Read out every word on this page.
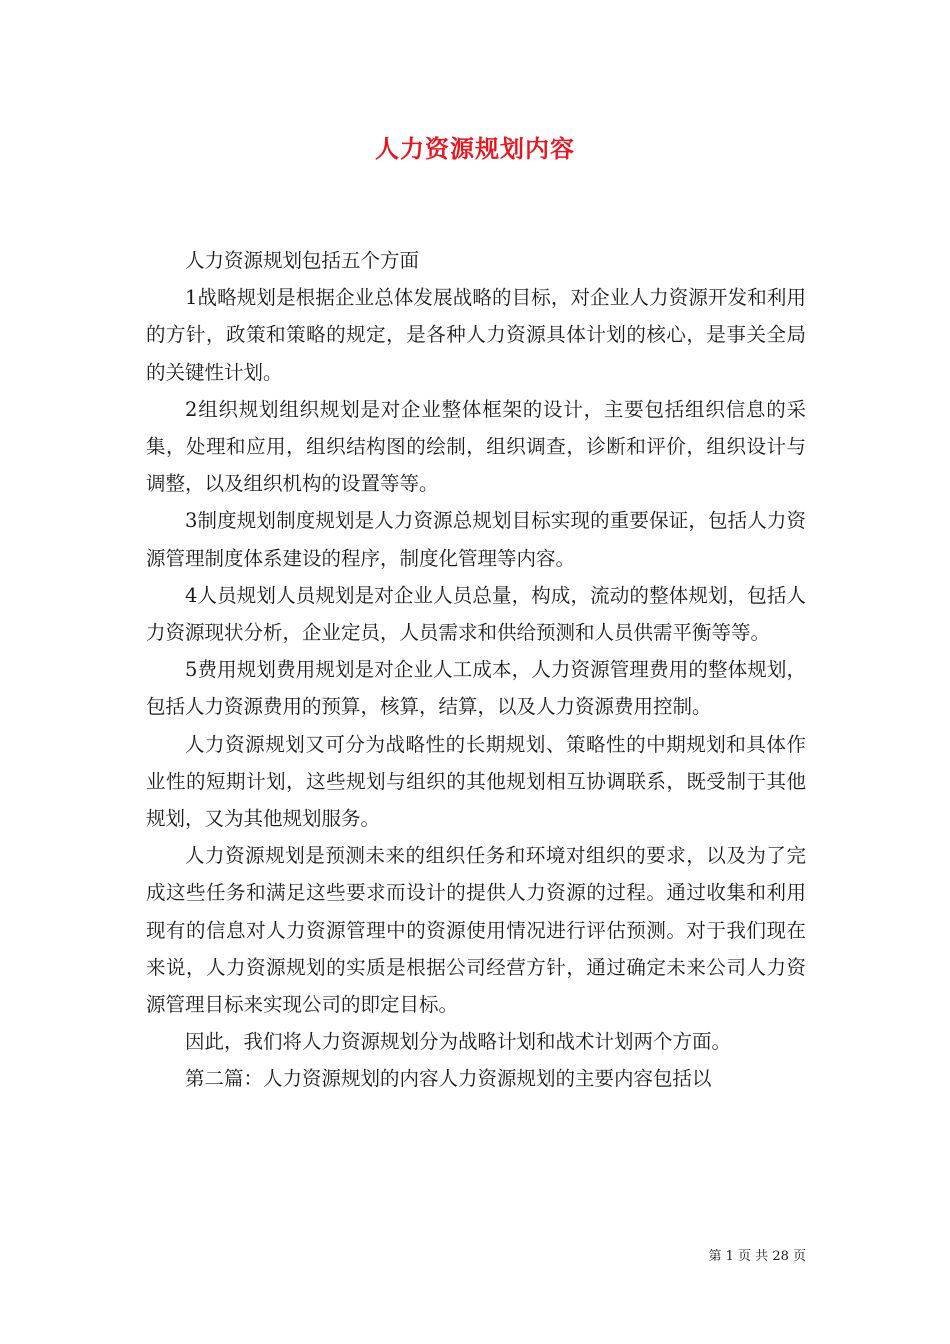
人力资源规划内容

人力资源规划包括五个方面

1战略规划是根据企业总体发展战略的目标，对企业人力资源开发和利用的方针，政策和策略的规定，是各种人力资源具体计划的核心，是事关全局的关键性计划。

2组织规划组织规划是对企业整体框架的设计，主要包括组织信息的采集，处理和应用，组织结构图的绘制，组织调查，诊断和评价，组织设计与调整，以及组织机构的设置等等。

3制度规划制度规划是人力资源总规划目标实现的重要保证，包括人力资源管理制度体系建设的程序，制度化管理等内容。

4人员规划人员规划是对企业人员总量，构成，流动的整体规划，包括人力资源现状分析，企业定员，人员需求和供给预测和人员供需平衡等等。

5费用规划费用规划是对企业人工成本，人力资源管理费用的整体规划，包括人力资源费用的预算，核算，结算，以及人力资源费用控制。

人力资源规划又可分为战略性的长期规划、策略性的中期规划和具体作业性的短期计划，这些规划与组织的其他规划相互协调联系，既受制于其他规划，又为其他规划服务。

人力资源规划是预测未来的组织任务和环境对组织的要求，以及为了完成这些任务和满足这些要求而设计的提供人力资源的过程。通过收集和利用现有的信息对人力资源管理中的资源使用情况进行评估预测。对于我们现在来说，人力资源规划的实质是根据公司经营方针，通过确定未来公司人力资源管理目标来实现公司的即定目标。

因此，我们将人力资源规划分为战略计划和战术计划两个方面。

第二篇：人力资源规划的内容人力资源规划的主要内容包括以

第 1 页 共 28 页
